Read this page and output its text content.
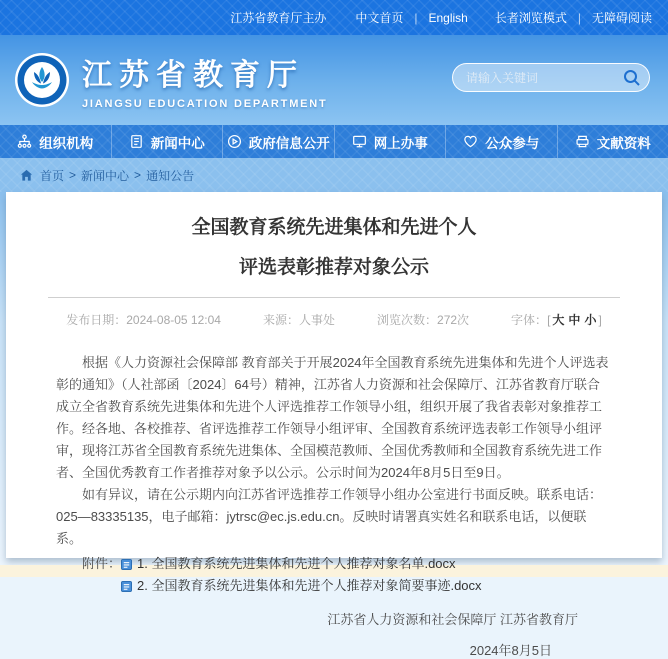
江苏省教育厅主办 中文首页 | English 长者浏览模式 | 无障碍阅读
江苏省教育厅
JIANGSU EDUCATION DEPARTMENT
请输入关键词
组织机构	新闻中心	政府信息公开	网上办事	公众参与	文献资料
首页 > 新闻中心 > 通知公告
全国教育系统先进集体和先进个人
评选表彰推荐对象公示
发布日期：2024-08-05 12:04	来源：人事处	浏览次数：272次	字体：[ 大 中 小 ]

根据《人力资源社会保障部 教育部关于开展2024年全国教育系统先进集体和先进个人评选表彰的通知》（人社部函〔2024〕64号）精神，江苏省人力资源和社会保障厅、江苏省教育厅联合成立全省教育系统先进集体和先进个人评选推荐工作领导小组，组织开展了我省表彰对象推荐工作。经各地、各校推荐、省评选推荐工作领导小组评审、全国教育系统评选表彰工作领导小组评审，现将江苏省全国教育系统先进集体、全国模范教师、全国优秀教师和全国教育系统先进工作者、全国优秀教育工作者推荐对象予以公示。公示时间为2024年8月5日至9日。

如有异议，请在公示期内向江苏省评选推荐工作领导小组办公室进行书面反映。联系电话：025—83335135，电子邮箱：jytrsc@ec.js.edu.cn。反映时请署真实姓名和联系电话，以便联系。

附件： 1. 全国教育系统先进集体和先进个人推荐对象名单.docx
2. 全国教育系统先进集体和先进个人推荐对象简要事迹.docx
江苏省人力资源和社会保障厅 江苏省教育厅
2024年8月5日
